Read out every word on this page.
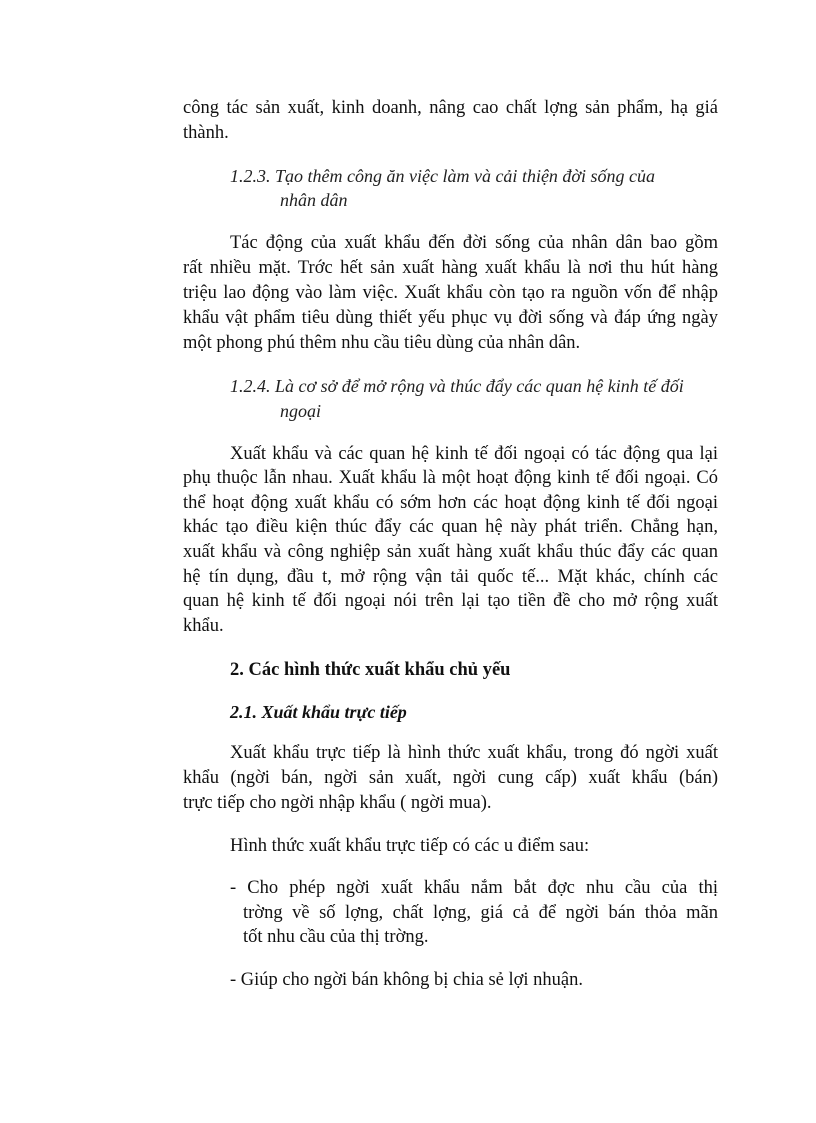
công tác sản xuất, kinh doanh, nâng cao chất lợng sản phẩm, hạ giá
thành.
1.2.3. Tạo thêm công ăn việc làm và cải thiện đời sống của
nhân dân
Tác động của xuất khẩu đến đời sống của nhân dân bao gồm
rất nhiều mặt. Trớc hết sản xuất hàng xuất khẩu là nơi thu hút hàng
triệu lao động vào làm việc. Xuất khẩu còn tạo ra nguồn vốn để nhập
khẩu vật phẩm tiêu dùng thiết yếu phục vụ đời sống và đáp ứng ngày
một phong phú thêm nhu cầu tiêu dùng của nhân dân.
1.2.4. Là cơ sở để mở rộng và thúc đẩy các quan hệ kinh tế đối
ngoại
Xuất khẩu và các quan hệ kinh tế đối ngoại có tác động qua lại
phụ thuộc lẫn nhau. Xuất khẩu là một hoạt động kinh tế đối ngoại. Có
thể hoạt động xuất khẩu có sớm hơn các hoạt động kinh tế đối ngoại
khác tạo điều kiện thúc đẩy các quan hệ này phát triển. Chẳng hạn,
xuất khẩu và công nghiệp sản xuất hàng xuất khẩu thúc đẩy các quan
hệ tín dụng, đầu t, mở rộng vận tải quốc tế... Mặt khác, chính các
quan hệ kinh tế đối ngoại nói trên lại tạo tiền đề cho mở rộng xuất
khẩu.
2. Các hình thức xuất khẩu chủ yếu
2.1. Xuất khẩu trực tiếp
Xuất khẩu trực tiếp là hình thức xuất khẩu, trong đó ngời xuất
khẩu (ngời bán, ngời sản xuất, ngời cung cấp) xuất khẩu (bán)
trực tiếp cho ngời nhập khẩu ( ngời mua).
Hình thức xuất khẩu trực tiếp có các u điểm sau:
- Cho phép ngời xuất khẩu nắm bắt đợc nhu cầu của thị
trờng về số lợng, chất lợng, giá cả để ngời bán thỏa mãn
tốt nhu cầu của thị trờng.
- Giúp cho ngời bán không bị chia sẻ lợi nhuận.
